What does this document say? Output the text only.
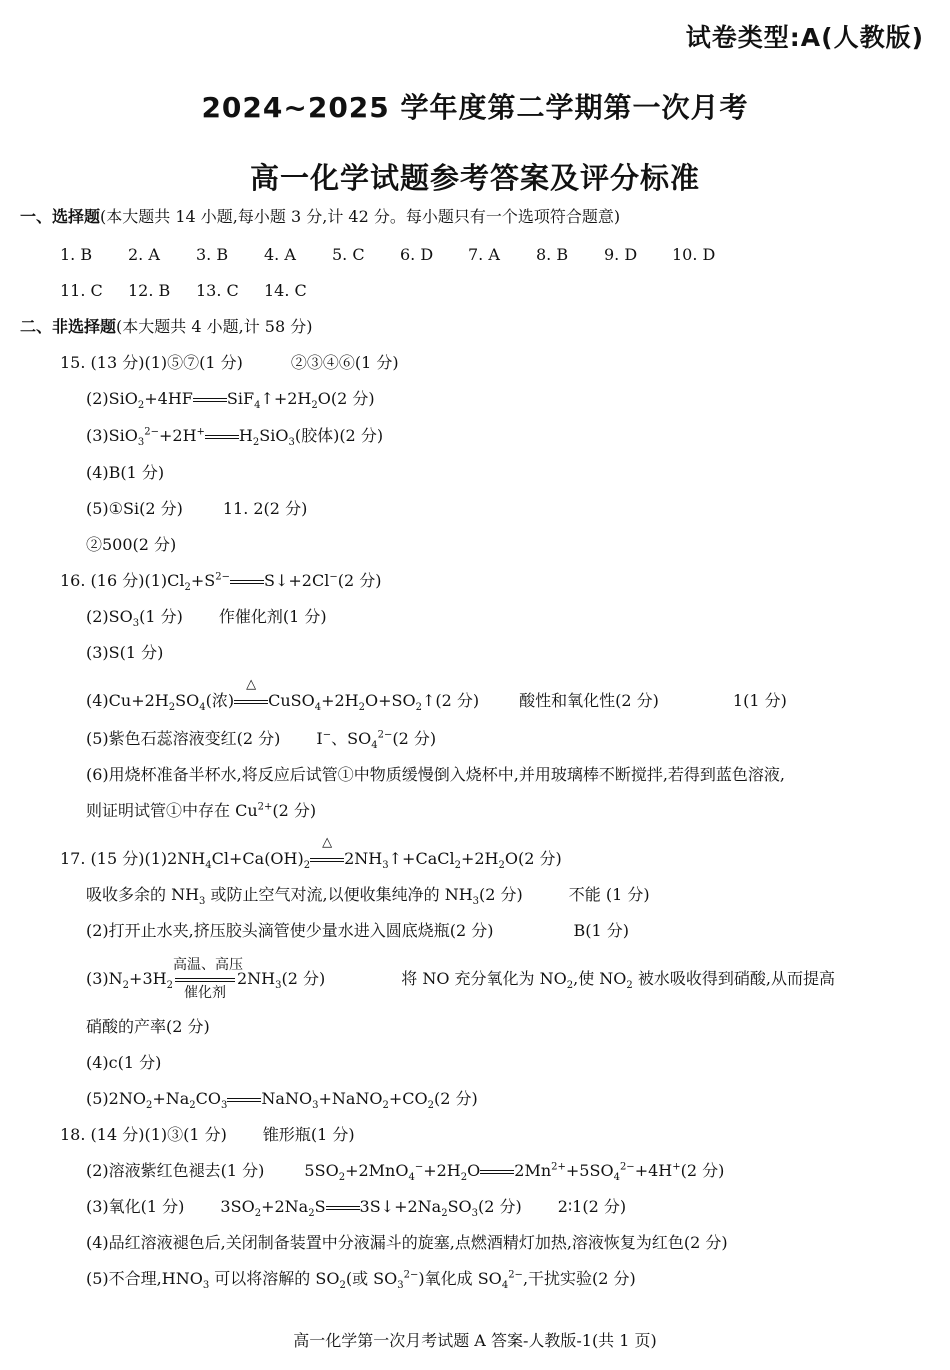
试卷类型:A(人教版)
2024~2025 学年度第二学期第一次月考
高一化学试题参考答案及评分标准
一、选择题(本大题共 14 小题,每小题 3 分,计 42 分。每小题只有一个选项符合题意)
1. B	2. A	3. B	4. A	5. C	6. D	7. A	8. B	9. D	10. D
11. C	12. B	13. C	14. C
二、非选择题(本大题共 4 小题,计 58 分)
15. (13 分)(1)⑤⑦(1 分)	②③④⑥(1 分)
(2)SiO$_2$+4HF $SiF_4↑+2H_2O(2$ 分)
(3)SiO$_3^{2-}$+2H+ $H_2SiO_3$(胶体)(2 分)
(4)B(1 分)
(5)①Si(2 分)	11. 2(2 分)
②500(2 分)
16. (16 分)$(1)Cl_2+S^{2-}$ S↓+2Cl−(2 分)
$(2)SO_3(1$ 分) 作催化剂(1 分)
(3)S(1 分)
$(4)Cu+2H_2SO_4$(浓)
△
$CuSO_4+2H_2O+SO_2↑(2$ 分)	酸性和氧化性(2 分)	1(1 分)
(5)紫色石蕊溶液变红(2 分) I−、$SO_4^{2-}(2$ 分)
(6)用烧杯准备半杯水,将反应后试管①中物质缓慢倒入烧杯中,并用玻璃棒不断搅拌,若得到蓝色溶液,
则证明试管①中存在 $Cu^{2+}(2$ 分)
17. (15 分)$(1)2NH_4Cl+Ca(OH)_2$
△
$2NH_3↑+CaCl_2+2H_2O(2$ 分)
吸收多余的 $NH_3$ 或防止空气对流,以便收集纯净的 $NH_3(2$ 分)	不能 (1 分)
(2)打开止水夹,挤压胶头滴管使少量水进入圆底烧瓶(2 分)	B(1 分)
$(3)N_2+3H_2$
高温、高压
催化剂
$2NH_3(2$ 分)	将 NO 充分氧化为 $NO_2$,使 $NO_2$ 被水吸收得到硝酸,从而提高
硝酸的产率(2 分)
(4)c(1 分)
$(5)2NO_2+Na_2CO_3$ $NaNO_3+NaNO_2+CO_2(2$ 分)
18. (14 分)(1)③(1 分) 锥形瓶(1 分)
(2)溶液紫红色褪去(1 分)	$5SO_2+2MnO_4^-+2H_2O$ $2Mn^{2+}+5SO_4^{2-}+4H^+(2$ 分)
(3)氧化(1 分) $3SO_2+2Na_2S$ $3S↓+2Na_2SO_3(2$ 分) 2∶1(2 分)
(4)品红溶液褪色后,关闭制备装置中分液漏斗的旋塞,点燃酒精灯加热,溶液恢复为红色(2 分)
(5)不合理$,HNO_3$ 可以将溶解的 $SO_2$(或 $SO_3^{2-}$)氧化成 $SO_4^{2-}$,干扰实验(2 分)
高一化学第一次月考试题 A 答案-人教版-1(共 1 页)
